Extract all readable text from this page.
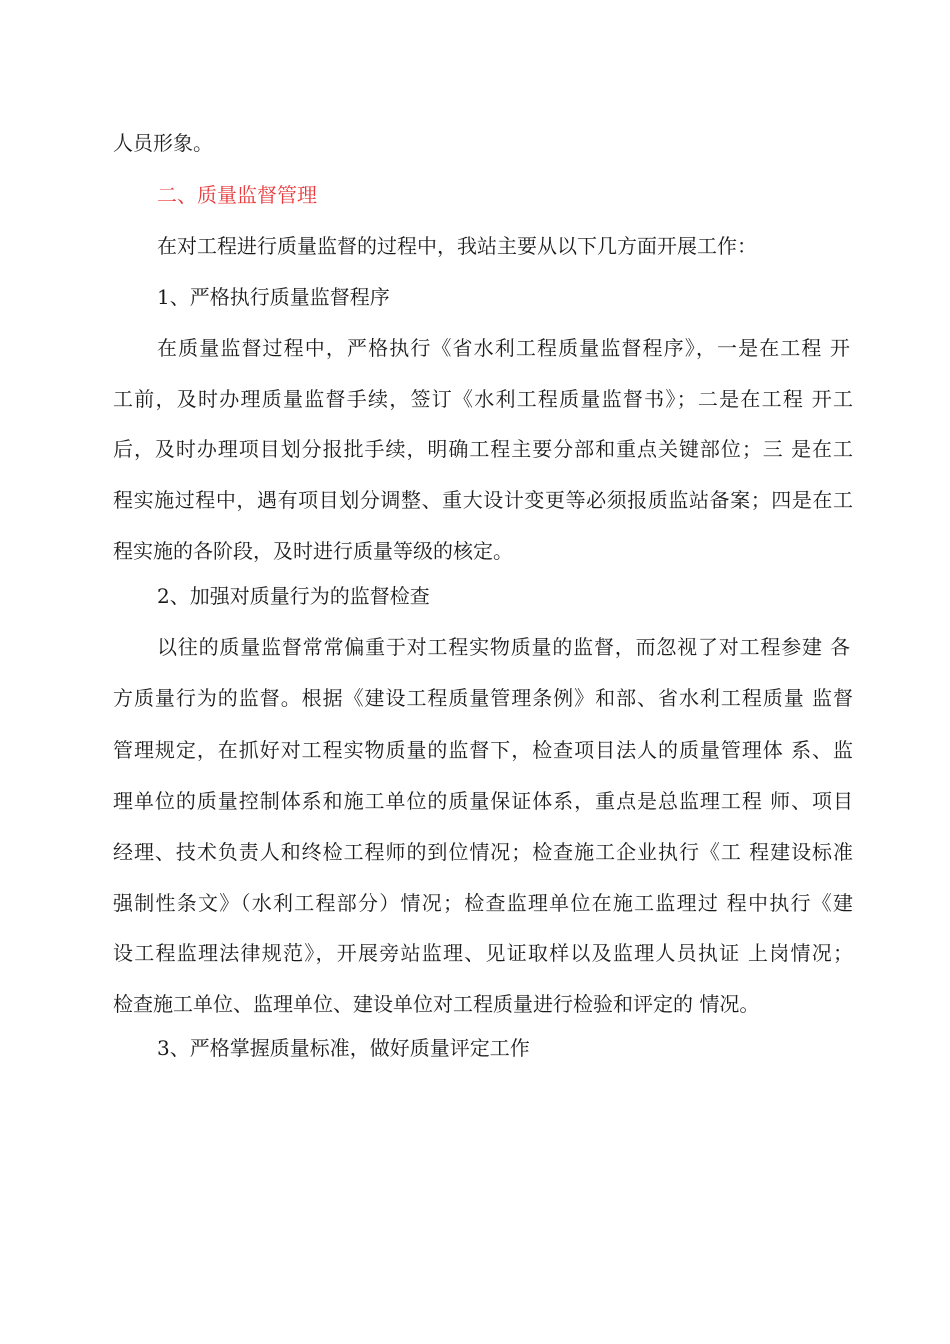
人员形象。
二、质量监督管理
在对工程进行质量监督的过程中，我站主要从以下几方面开展工作：
1、严格执行质量监督程序
在质量监督过程中，严格执行《省水利工程质量监督程序》，一是在工程 开
工前，及时办理质量监督手续，签订《水利工程质量监督书》；二是在工程 开工
后，及时办理项目划分报批手续，明确工程主要分部和重点关键部位；三 是在工
程实施过程中，遇有项目划分调整、重大设计变更等必须报质监站备案；四是在工
程实施的各阶段，及时进行质量等级的核定。
2、加强对质量行为的监督检查
以往的质量监督常常偏重于对工程实物质量的监督，而忽视了对工程参建 各
方质量行为的监督。根据《建设工程质量管理条例》和部、省水利工程质量 监督
管理规定，在抓好对工程实物质量的监督下，检查项目法人的质量管理体 系、监
理单位的质量控制体系和施工单位的质量保证体系，重点是总监理工程 师、项目
经理、技术负责人和终检工程师的到位情况；检查施工企业执行《工 程建设标准
强制性条文》（水利工程部分）情况；检查监理单位在施工监理过 程中执行《建
设工程监理法律规范》，开展旁站监理、见证取样以及监理人员执证 上岗情况；
检查施工单位、监理单位、建设单位对工程质量进行检验和评定的 情况。
3、严格掌握质量标准，做好质量评定工作
